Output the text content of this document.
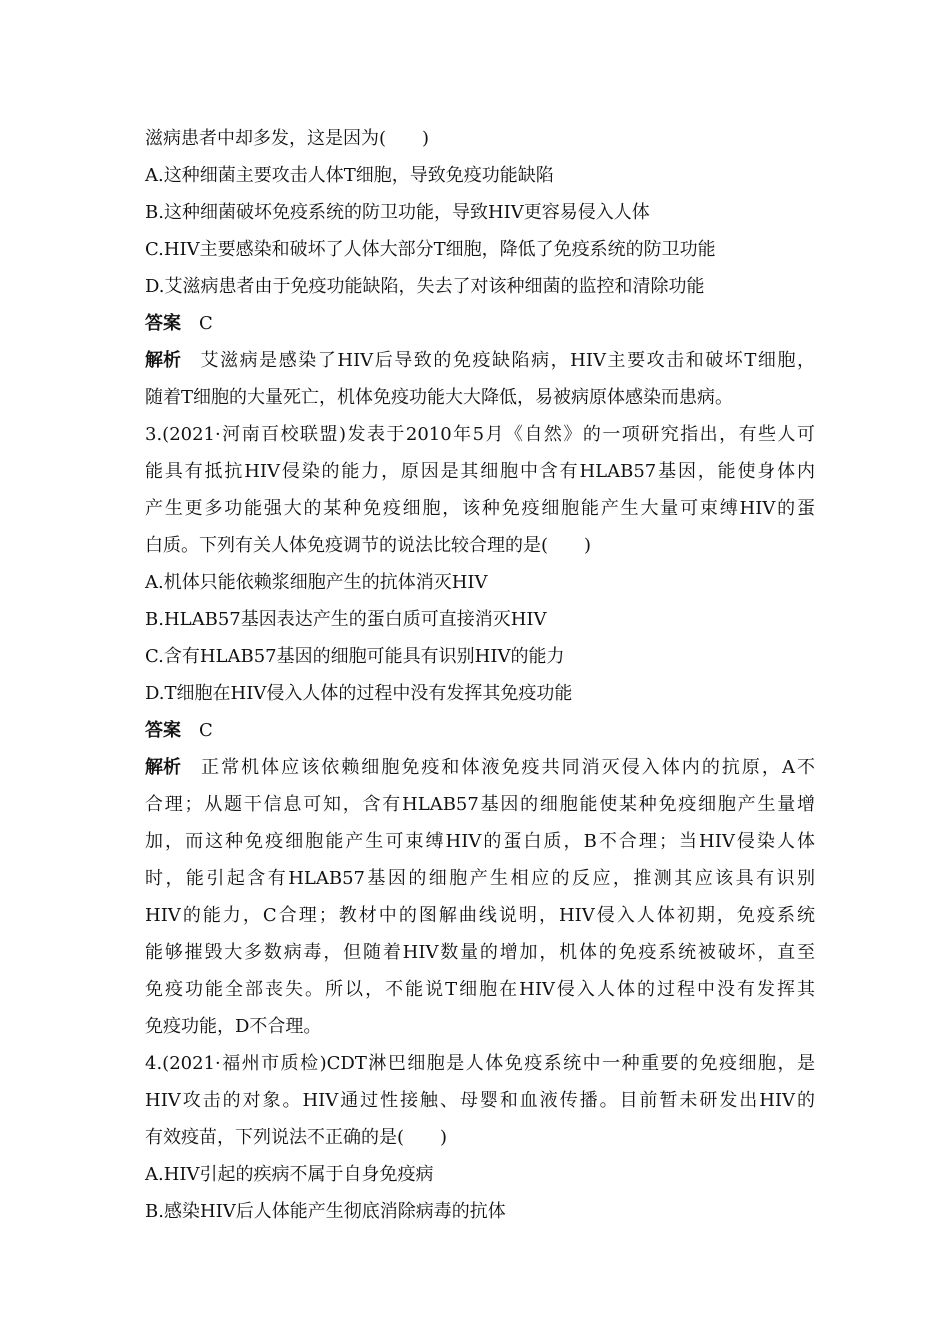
滋病患者中却多发，这是因为(　　)
A.这种细菌主要攻击人体T细胞，导致免疫功能缺陷
B.这种细菌破坏免疫系统的防卫功能，导致HIV更容易侵入人体
C.HIV主要感染和破坏了人体大部分T细胞，降低了免疫系统的防卫功能
D.艾滋病患者由于免疫功能缺陷，失去了对该种细菌的监控和清除功能
答案 C
解析 艾滋病是感染了HIV后导致的免疫缺陷病，HIV主要攻击和破坏T细胞，
随着T细胞的大量死亡，机体免疫功能大大降低，易被病原体感染而患病。
3.(2021·河南百校联盟)发表于2010年5月《自然》的一项研究指出，有些人可
能具有抵抗HIV侵染的能力，原因是其细胞中含有HLAB57基因，能使身体内
产生更多功能强大的某种免疫细胞，该种免疫细胞能产生大量可束缚HIV的蛋
白质。下列有关人体免疫调节的说法比较合理的是(　　)
A.机体只能依赖浆细胞产生的抗体消灭HIV
B.HLAB57基因表达产生的蛋白质可直接消灭HIV
C.含有HLAB57基因的细胞可能具有识别HIV的能力
D.T细胞在HIV侵入人体的过程中没有发挥其免疫功能
答案 C
解析 正常机体应该依赖细胞免疫和体液免疫共同消灭侵入体内的抗原，A不
合理；从题干信息可知，含有HLAB57基因的细胞能使某种免疫细胞产生量增
加，而这种免疫细胞能产生可束缚HIV的蛋白质，B不合理；当HIV侵染人体
时，能引起含有HLAB57基因的细胞产生相应的反应，推测其应该具有识别
HIV的能力，C合理；教材中的图解曲线说明，HIV侵入人体初期，免疫系统
能够摧毁大多数病毒，但随着HIV数量的增加，机体的免疫系统被破坏，直至
免疫功能全部丧失。所以，不能说T细胞在HIV侵入人体的过程中没有发挥其
免疫功能，D不合理。
4.(2021·福州市质检)CDT淋巴细胞是人体免疫系统中一种重要的免疫细胞，是
HIV攻击的对象。HIV通过性接触、母婴和血液传播。目前暂未研发出HIV的
有效疫苗，下列说法不正确的是(　　)
A.HIV引起的疾病不属于自身免疫病
B.感染HIV后人体能产生彻底消除病毒的抗体
